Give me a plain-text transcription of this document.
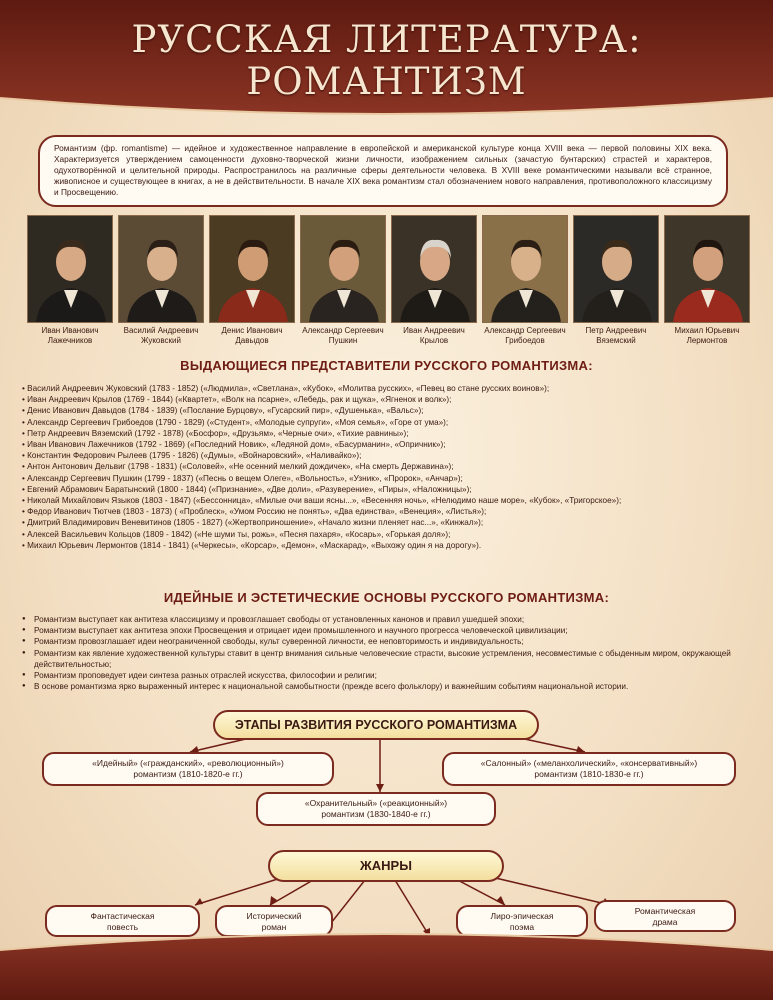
РУССКАЯ ЛИТЕРАТУРА:
РОМАНТИЗМ
Романтизм (фр. romantisme) — идейное и художественное направление в европейской и американской культуре конца XVIII века — первой половины XIX века. Характеризуется утверждением самоценности духовно-творческой жизни личности, изображением сильных (зачастую бунтарских) страстей и характеров, одухотворённой и целительной природы. Распространилось на различные сферы деятельности человека. В XVIII веке романтическими называли всё странное, живописное и существующее в книгах, а не в действительности. В начале XIX века романтизм стал обозначением нового направления, противоположного классицизму и Просвещению.
Иван Иванович
Лажечников
Василий Андреевич
Жуковский
Денис Иванович
Давыдов
Александр Сергеевич
Пушкин
Иван Андреевич
Крылов
Александр Сергеевич
Грибоедов
Петр Андреевич
Вяземский
Михаил Юрьевич
Лермонтов
ВЫДАЮЩИЕСЯ ПРЕДСТАВИТЕЛИ РУССКОГО РОМАНТИЗМА:
• Василий Андреевич Жуковский (1783 - 1852) («Людмила», «Светлана», «Кубок», «Молитва русских», «Певец во стане русских воинов»);
• Иван Андреевич Крылов (1769 - 1844) («Квартет», «Волк на псарне», «Лебедь, рак и щука», «Ягненок и волк»);
• Денис Иванович Давыдов (1784 - 1839) («Послание Бурцову», «Гусарский пир», «Душенька», «Вальс»);
• Александр Сергеевич Грибоедов (1790 - 1829) («Студент», «Молодые супруги», «Моя семья», «Горе от ума»);
• Петр Андреевич Вяземский (1792 - 1878) («Босфор», «Друзьям», «Черные очи», «Тихие равнины»);
• Иван Иванович Лажечников (1792 - 1869) («Последний Новик», «Ледяной дом», «Басурманин», «Опричник»);
• Константин Федорович Рылеев (1795 - 1826) («Думы», «Войнаровский», «Наливайко»);
• Антон Антонович Дельвиг (1798 - 1831) («Соловей», «Не осенний мелкий дождичек», «На смерть Державина»);
• Александр Сергеевич Пушкин (1799 - 1837) («Песнь о вещем Олеге», «Вольность», «Узник», «Пророк», «Анчар»);
• Евгений Абрамович Баратынский (1800 - 1844) («Признание», «Две доли», «Разуверение», «Пиры», «Наложницы»);
• Николай Михайлович Языков (1803 - 1847) («Бессонница», «Милые очи ваши ясны...», «Весенняя ночь», «Нелюдимо наше море», «Кубок», «Тригорское»);
• Федор Иванович Тютчев (1803 - 1873) ( «Проблеск», «Умом Россию не понять», «Два единства», «Венеция», «Листья»);
• Дмитрий Владимирович Веневитинов (1805 - 1827) («Жертвоприношение», «Начало жизни пленяет нас...», «Кинжал»);
• Алексей Васильевич Кольцов (1809 - 1842) («Не шуми ты, рожь», «Песня пахаря», «Косарь», «Горькая доля»);
• Михаил Юрьевич Лермонтов (1814 - 1841) («Черкесы», «Корсар», «Демон», «Маскарад», «Выхожу один я на дорогу»).
ИДЕЙНЫЕ И ЭСТЕТИЧЕСКИЕ ОСНОВЫ РУССКОГО РОМАНТИЗМА:
● Романтизм выступает как антитеза классицизму и провозглашает свободы от установленных канонов и правил ушедшей эпохи;
● Романтизм выступает как антитеза эпохи Просвещения и отрицает идеи промышленного и научного прогресса человеческой цивилизации;
● Романтизм провозглашает идеи неограниченной свободы, культ суверенной личности, ее неповторимость и индивидуальность;
● Романтизм как явление художественной культуры ставит в центр внимания сильные человеческие страсти, высокие устремления, несовместимые с обыденным миром, окружающей действительностью;
● Романтизм проповедует идеи синтеза разных отраслей искусства, философии и религии;
● В основе романтизма ярко выраженный интерес к национальной самобытности (прежде всего фольклору) и важнейшим событиям национальной истории.
ЭТАПЫ РАЗВИТИЯ РУССКОГО РОМАНТИЗМА
«Идейный» («гражданский», «революционный»)
романтизм (1810-1820-е гг.)
«Салонный» («меланхолический», «консервативный»)
романтизм (1810-1830-е гг.)
«Охранительный» («реакционный»)
романтизм (1830-1840-е гг.)
ЖАНРЫ
Фантастическая
повесть
Исторический
роман
Лиро-эпическая
поэма
Романтическая
драма
